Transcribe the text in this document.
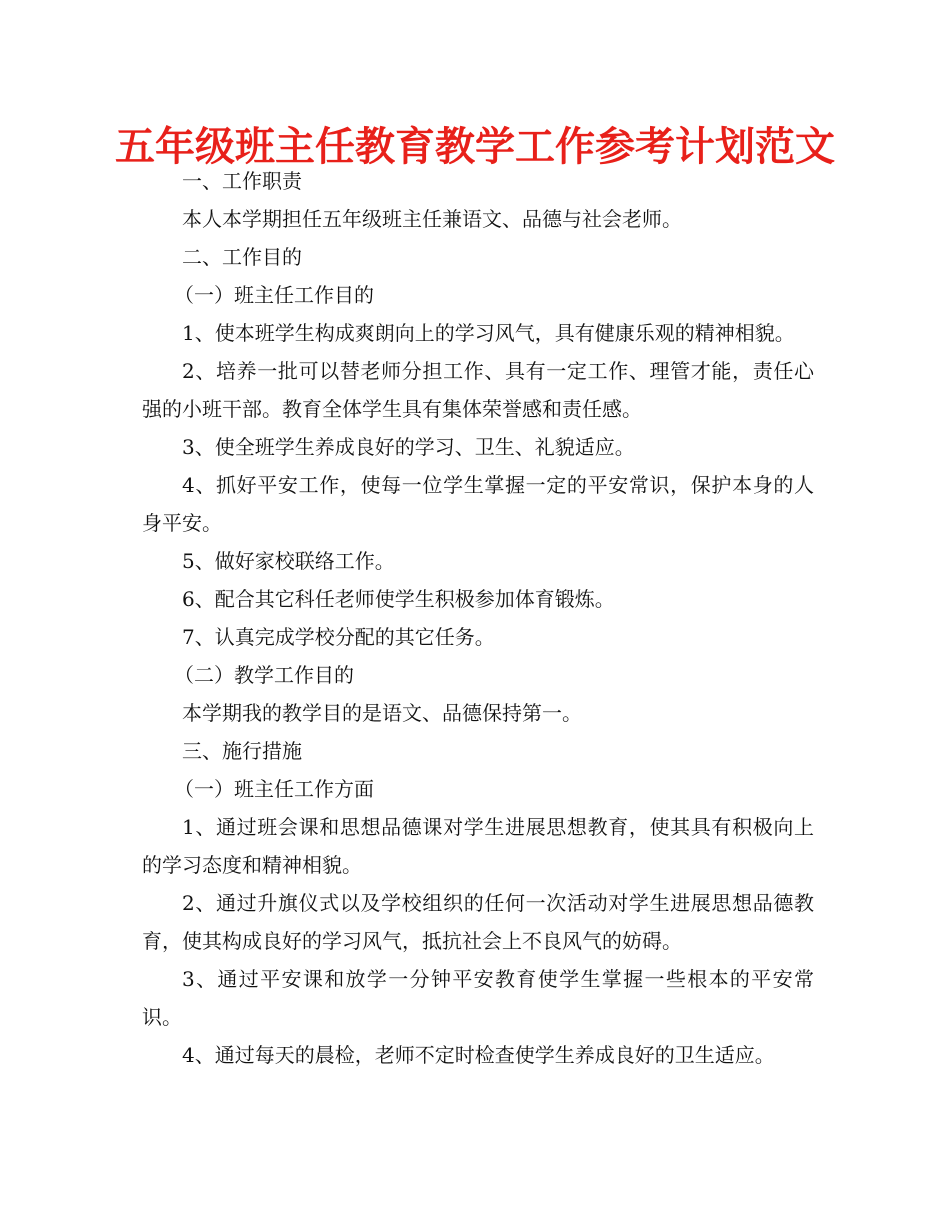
五年级班主任教育教学工作参考计划范文

一、工作职责

本人本学期担任五年级班主任兼语文、品德与社会老师。

二、工作目的

（一）班主任工作目的

1、使本班学生构成爽朗向上的学习风气，具有健康乐观的精神相貌。

2、培养一批可以替老师分担工作、具有一定工作、理管才能，责任心强的小班干部。教育全体学生具有集体荣誉感和责任感。

3、使全班学生养成良好的学习、卫生、礼貌适应。

4、抓好平安工作，使每一位学生掌握一定的平安常识，保护本身的人身平安。

5、做好家校联络工作。

6、配合其它科任老师使学生积极参加体育锻炼。

7、认真完成学校分配的其它任务。

（二）教学工作目的

本学期我的教学目的是语文、品德保持第一。

三、施行措施

（一）班主任工作方面

1、通过班会课和思想品德课对学生进展思想教育，使其具有积极向上的学习态度和精神相貌。

2、通过升旗仪式以及学校组织的任何一次活动对学生进展思想品德教育，使其构成良好的学习风气，抵抗社会上不良风气的妨碍。

3、通过平安课和放学一分钟平安教育使学生掌握一些根本的平安常识。

4、通过每天的晨检，老师不定时检查使学生养成良好的卫生适应。
